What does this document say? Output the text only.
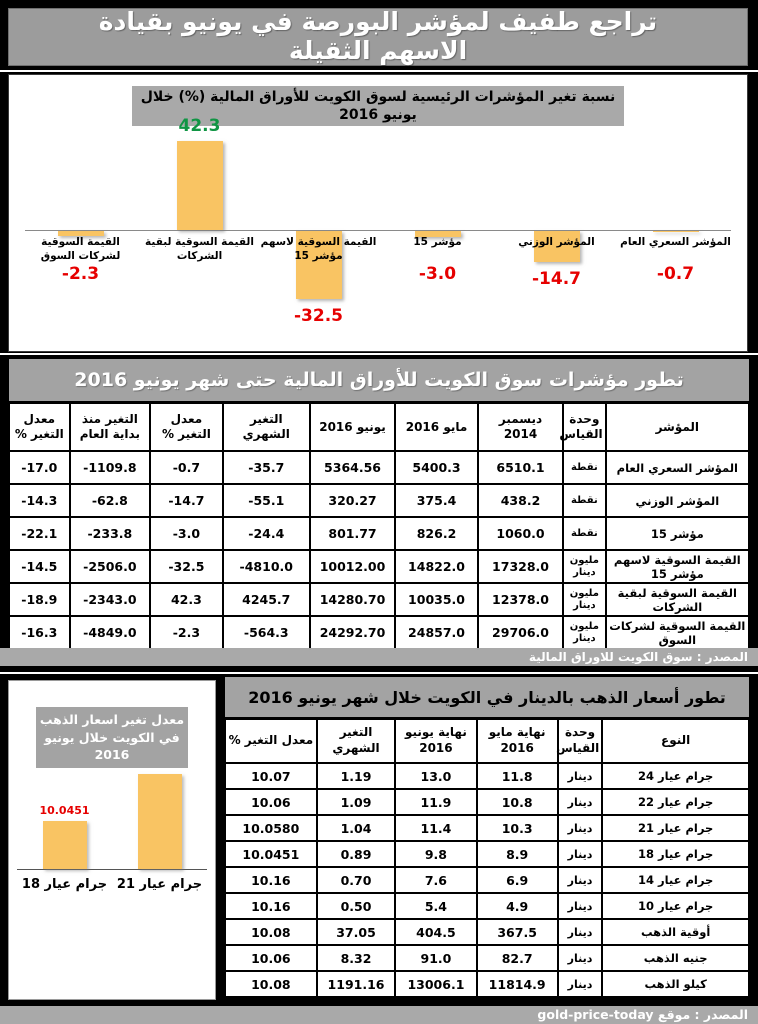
تراجع طفيف لمؤشر البورصة في يونيو بقيادة الاسهم الثقيلة
المؤشر السعري العام
-0.7
المؤشر الوزني
-14.7
مؤشر 15
-3.0
القيمة السوقية لاسهم مؤشر 15
-32.5
القيمة السوقية لبقية الشركات
42.3
القيمة السوقية لشركات السوق
-2.3
نسبة تغير المؤشرات الرئيسية لسوق الكويت للأوراق المالية (%) خلال يونيو 2016
تطور مؤشرات سوق الكويت للأوراق المالية حتى شهر يونيو 2016
المؤشر	وحدة القياس	ديسمبر 2014	مايو 2016	يونيو 2016	التغير الشهري	معدل التغير %	التغير منذ بداية العام	معدل التغير %
المؤشر السعري العام	نقطة	6510.1	5400.3	5364.56	-35.7	-0.7	-1109.8	-17.0
المؤشر الوزني	نقطة	438.2	375.4	320.27	-55.1	-14.7	-62.8	-14.3
مؤشر 15	نقطة	1060.0	826.2	801.77	-24.4	-3.0	-233.8	-22.1
القيمة السوقية لاسهم مؤشر 15	مليون دينار	17328.0	14822.0	10012.00	-4810.0	-32.5	-2506.0	-14.5
القيمة السوقية لبقية الشركات	مليون دينار	12378.0	10035.0	14280.70	4245.7	42.3	-2343.0	-18.9
القيمة السوقية لشركات السوق	مليون دينار	29706.0	24857.0	24292.70	-564.3	-2.3	-4849.0	-16.3
المصدر : سوق الكويت للاوراق المالية
جرام عيار 21
10.0451
جرام عيار 18
معدل تغير اسعار الذهب في الكويت خلال يونيو 2016
تطور أسعار الذهب بالدينار في الكويت خلال شهر يونيو 2016
النوع	وحدة القياس	نهاية مايو 2016	نهاية يونيو 2016	التغير الشهري	معدل التغير %
جرام عيار 24	دينار	11.8	13.0	1.19	10.07
جرام عيار 22	دينار	10.8	11.9	1.09	10.06
جرام عيار 21	دينار	10.3	11.4	1.04	10.0580
جرام عيار 18	دينار	8.9	9.8	0.89	10.0451
جرام عيار 14	دينار	6.9	7.6	0.70	10.16
جرام عيار 10	دينار	4.9	5.4	0.50	10.16
أوقية الذهب	دينار	367.5	404.5	37.05	10.08
جنيه الذهب	دينار	82.7	91.0	8.32	10.06
كيلو الذهب	دينار	11814.9	13006.1	1191.16	10.08
المصدر : موقع gold-price-today
